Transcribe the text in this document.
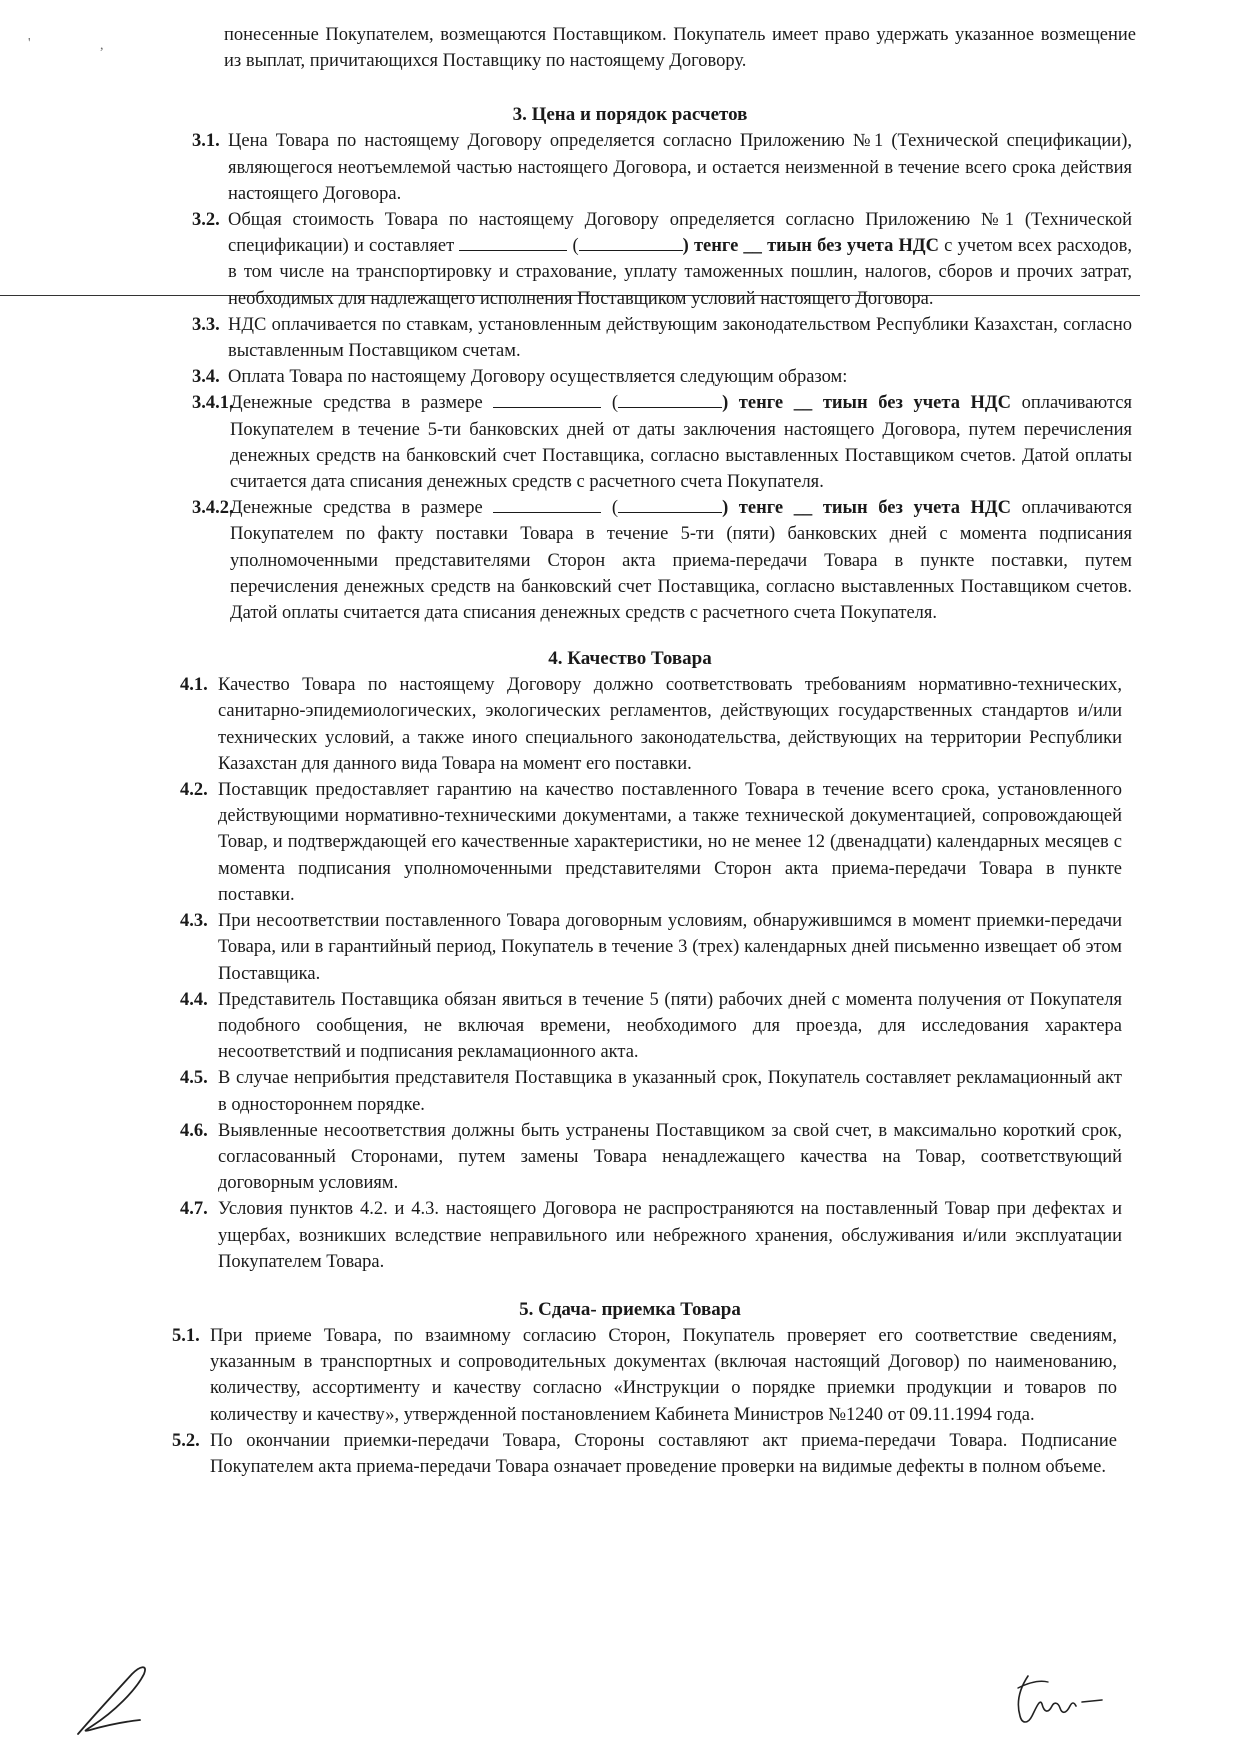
'	,

понесенные Покупателем, возмещаются Поставщиком. Покупатель имеет право удержать указанное возмещение из выплат, причитающихся Поставщику по настоящему Договору.

3. Цена и порядок расчетов
3.1. Цена Товара по настоящему Договору определяется согласно Приложению №1 (Технической спецификации), являющегося неотъемлемой частью настоящего Договора, и остается неизменной в течение всего срока действия настоящего Договора.
3.2. Общая стоимость Товара по настоящему Договору определяется согласно Приложению №1 (Технической спецификации) и составляет	(	) тенге __ тиын без учета НДС с учетом всех расходов, в том числе на транспортировку и страхование, уплату таможенных пошлин, налогов, сборов и прочих затрат, необходимых для надлежащего исполнения Поставщиком условий настоящего Договора.
3.3. НДС оплачивается по ставкам, установленным действующим законодательством Республики Казахстан, согласно выставленным Поставщиком счетам.
3.4. Оплата Товара по настоящему Договору осуществляется следующим образом:
3.4.1.
Денежные средства в размере	(	) тенге __ тиын без учета НДС оплачиваются Покупателем в течение 5-ти банковских дней от даты заключения настоящего Договора, путем перечисления денежных средств на банковский счет Поставщика, согласно выставленных Поставщиком счетов. Датой оплаты считается дата списания денежных средств с расчетного счета Покупателя.
3.4.2.
Денежные средства в размере	(	) тенге __ тиын без учета НДС оплачиваются Покупателем по факту поставки Товара в течение 5-ти (пяти) банковских дней с момента подписания уполномоченными представителями Сторон акта приема-передачи Товара в пункте поставки, путем перечисления денежных средств на банковский счет Поставщика, согласно выставленных Поставщиком счетов. Датой оплаты считается дата списания денежных средств с расчетного счета Покупателя.
4. Качество Товара
4.1. Качество Товара по настоящему Договору должно соответствовать требованиям нормативно-технических, санитарно-эпидемиологических, экологических регламентов, действующих государственных стандартов и/или технических условий, а также иного специального законодательства, действующих на территории Республики Казахстан для данного вида Товара на момент его поставки.
4.2. Поставщик предоставляет гарантию на качество поставленного Товара в течение всего срока, установленного действующими нормативно-техническими документами, а также технической документацией, сопровождающей Товар, и подтверждающей его качественные характеристики, но не менее 12 (двенадцати) календарных месяцев с момента подписания уполномоченными представителями Сторон акта приема-передачи Товара в пункте поставки.
4.3. При несоответствии поставленного Товара договорным условиям, обнаружившимся в момент приемки-передачи Товара, или в гарантийный период, Покупатель в течение 3 (трех) календарных дней письменно извещает об этом Поставщика.
4.4. Представитель Поставщика обязан явиться в течение 5 (пяти) рабочих дней с момента получения от Покупателя подобного сообщения, не включая времени, необходимого для проезда, для исследования характера несоответствий и подписания рекламационного акта.
4.5. В случае неприбытия представителя Поставщика в указанный срок, Покупатель составляет рекламационный акт в одностороннем порядке.
4.6. Выявленные несоответствия должны быть устранены Поставщиком за свой счет, в максимально короткий срок, согласованный Сторонами, путем замены Товара ненадлежащего качества на Товар, соответствующий договорным условиям.
4.7. Условия пунктов 4.2. и 4.3. настоящего Договора не распространяются на поставленный Товар при дефектах и ущербах, возникших вследствие неправильного или небрежного хранения, обслуживания и/или эксплуатации Покупателем Товара.
5. Сдача- приемка Товара
5.1. При приеме Товара, по взаимному согласию Сторон, Покупатель проверяет его соответствие сведениям, указанным в транспортных и сопроводительных документах (включая настоящий Договор) по наименованию, количеству, ассортименту и качеству согласно «Инструкции о порядке приемки продукции и товаров по количеству и качеству», утвержденной постановлением Кабинета Министров №1240 от 09.11.1994 года.
5.2. По окончании приемки-передачи Товара, Стороны составляют акт приема-передачи Товара. Подписание Покупателем акта приема-передачи Товара означает проведение проверки на видимые дефекты в полном объеме.
